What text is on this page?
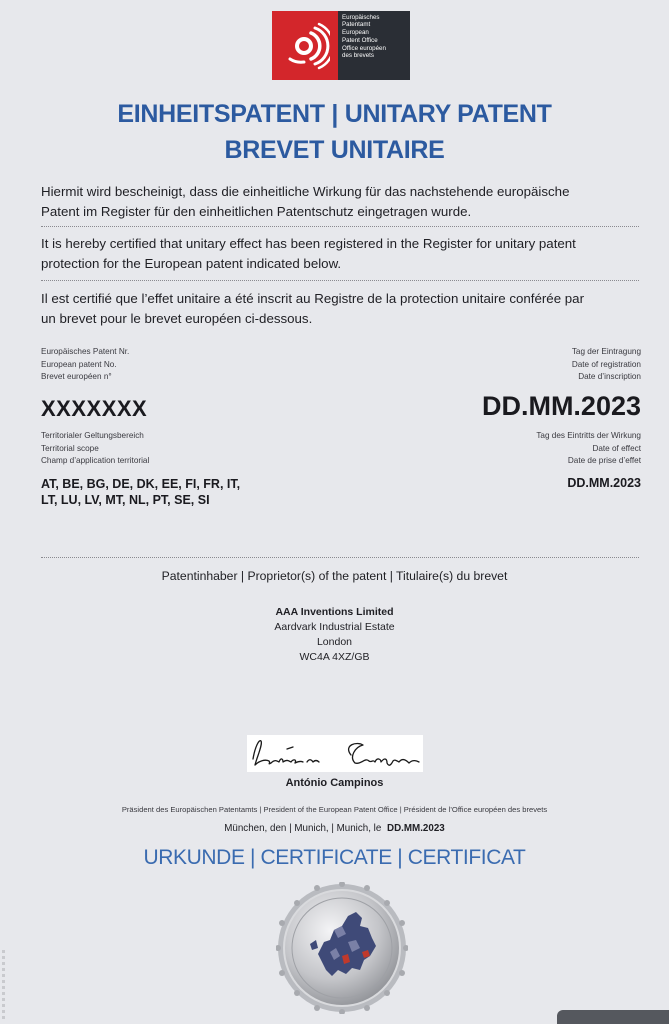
Europäisches
Patentamt
European
Patent Office
Office européen
des brevets
EINHEITSPATENT | UNITARY PATENT
BREVET UNITAIRE
Hiermit wird bescheinigt, dass die einheitliche Wirkung für das nachstehende europäische
Patent im Register für den einheitlichen Patentschutz eingetragen wurde.
It is hereby certified that unitary effect has been registered in the Register for unitary patent
protection for the European patent indicated below.
Il est certifié que l’effet unitaire a été inscrit au Registre de la protection unitaire conférée par
un brevet pour le brevet européen ci-dessous.
Europäisches Patent Nr.
European patent No.
Brevet européen n°
Tag der Eintragung
Date of registration
Date d’inscription
XXXXXXX	DD.MM.2023
Territorialer Geltungsbereich
Territorial scope
Champ d’application territorial
Tag des Eintritts der Wirkung
Date of effect
Date de prise d’effet
AT, BE, BG, DE, DK, EE, FI, FR, IT,
LT, LU, LV, MT, NL, PT, SE, SI
DD.MM.2023
Patentinhaber | Proprietor(s) of the patent | Titulaire(s) du brevet
AAA Inventions Limited
Aardvark Industrial Estate
London
WC4A 4XZ/GB
António Campinos
Präsident des Europäischen Patentamts | President of the European Patent Office | Président de l’Office européen des brevets
München, den | Munich, | Munich, le DD.MM.2023
URKUNDE | CERTIFICATE | CERTIFICAT
